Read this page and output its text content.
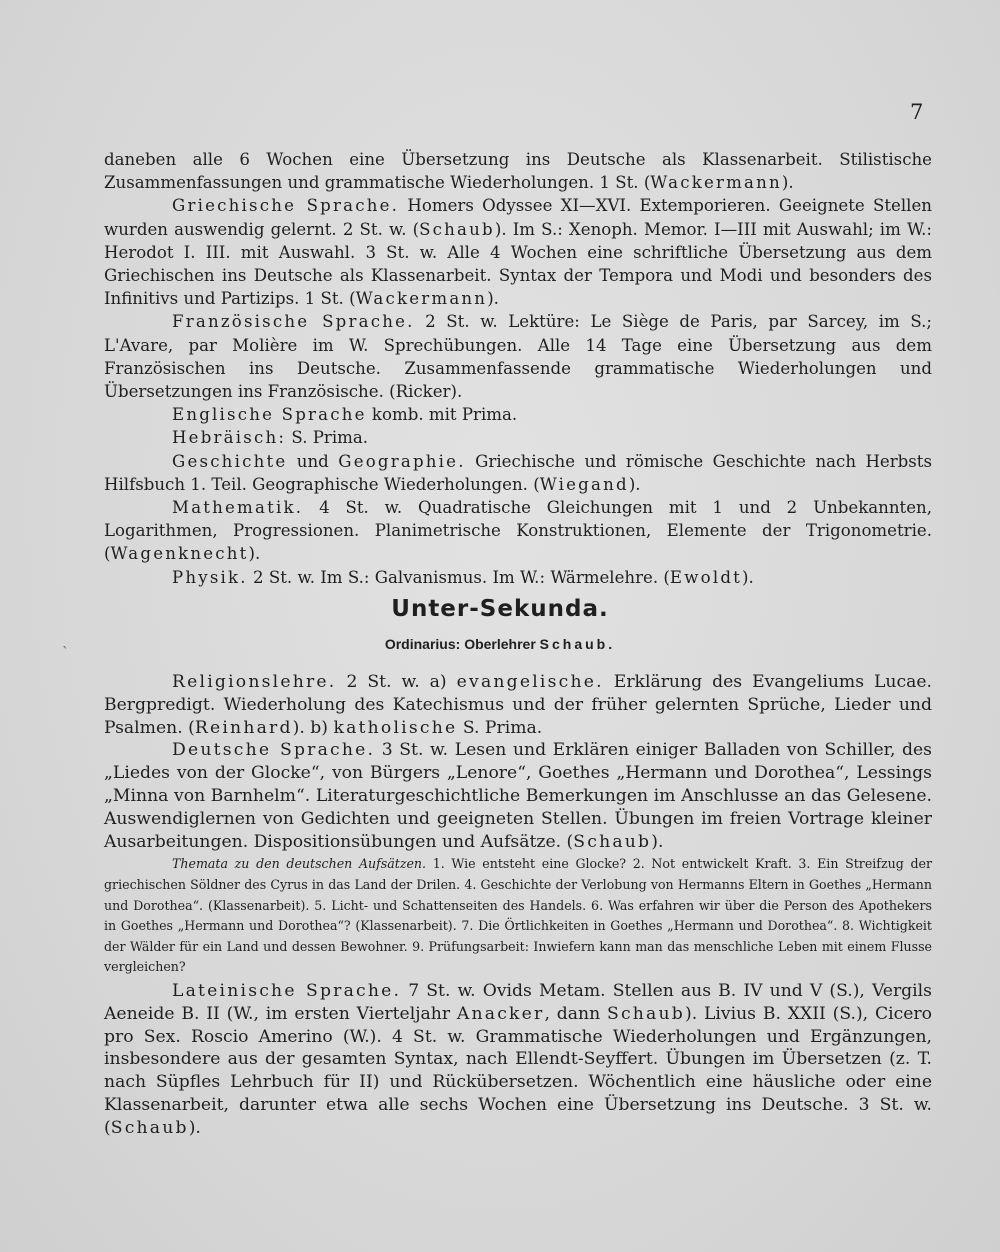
7

daneben alle 6 Wochen eine Übersetzung ins Deutsche als Klassenarbeit. Stilistische Zusammenfassungen und grammatische Wiederholungen. 1 St. (Wackermann).

Griechische Sprache. Homers Odyssee XI—XVI. Extemporieren. Geeignete Stellen wurden auswendig gelernt. 2 St. w. (Schaub). Im S.: Xenoph. Memor. I—III mit Auswahl; im W.: Herodot I. III. mit Auswahl. 3 St. w. Alle 4 Wochen eine schriftliche Übersetzung aus dem Griechischen ins Deutsche als Klassenarbeit. Syntax der Tempora und Modi und besonders des Infinitivs und Partizips. 1 St. (Wackermann).

Französische Sprache. 2 St. w. Lektüre: Le Siège de Paris, par Sarcey, im S.; L'Avare, par Molière im W. Sprechübungen. Alle 14 Tage eine Übersetzung aus dem Französischen ins Deutsche. Zusammenfassende grammatische Wiederholungen und Übersetzungen ins Französische. (Ricker).

Englische Sprache komb. mit Prima.

Hebräisch: S. Prima.

Geschichte und Geographie. Griechische und römische Geschichte nach Herbsts Hilfsbuch 1. Teil. Geographische Wiederholungen. (Wiegand).

Mathematik. 4 St. w. Quadratische Gleichungen mit 1 und 2 Unbekannten, Logarithmen, Progressionen. Planimetrische Konstruktionen, Elemente der Trigonometrie. (Wagenknecht).

Physik. 2 St. w. Im S.: Galvanismus. Im W.: Wärmelehre. (Ewoldt).

Unter-Sekunda.
ˋ
Ordinarius: Oberlehrer Schaub.

Religionslehre. 2 St. w. a) evangelische. Erklärung des Evangeliums Lucae. Bergpredigt. Wiederholung des Katechismus und der früher gelernten Sprüche, Lieder und Psalmen. (Reinhard). b) katholische S. Prima.

Deutsche Sprache. 3 St. w. Lesen und Erklären einiger Balladen von Schiller, des „Liedes von der Glocke“, von Bürgers „Lenore“, Goethes „Hermann und Dorothea“, Lessings „Minna von Barnhelm“. Literaturgeschichtliche Bemerkungen im Anschlusse an das Gelesene. Auswendiglernen von Gedichten und geeigneten Stellen. Übungen im freien Vortrage kleiner Ausarbeitungen. Dispositionsübungen und Aufsätze. (Schaub).

Themata zu den deutschen Aufsätzen. 1. Wie entsteht eine Glocke? 2. Not entwickelt Kraft. 3. Ein Streifzug der griechischen Söldner des Cyrus in das Land der Drilen. 4. Geschichte der Verlobung von Hermanns Eltern in Goethes „Hermann und Dorothea“. (Klassenarbeit). 5. Licht- und Schattenseiten des Handels. 6. Was erfahren wir über die Person des Apothekers in Goethes „Hermann und Dorothea“? (Klassenarbeit). 7. Die Örtlichkeiten in Goethes „Hermann und Dorothea“. 8. Wichtigkeit der Wälder für ein Land und dessen Bewohner. 9. Prüfungsarbeit: Inwiefern kann man das menschliche Leben mit einem Flusse vergleichen?

Lateinische Sprache. 7 St. w. Ovids Metam. Stellen aus B. IV und V (S.), Vergils Aeneide B. II (W., im ersten Vierteljahr Anacker, dann Schaub). Livius B. XXII (S.), Cicero pro Sex. Roscio Amerino (W.). 4 St. w. Grammatische Wiederholungen und Ergänzungen, insbesondere aus der gesamten Syntax, nach Ellendt-Seyffert. Übungen im Übersetzen (z. T. nach Süpfles Lehrbuch für II) und Rückübersetzen. Wöchentlich eine häusliche oder eine Klassenarbeit, darunter etwa alle sechs Wochen eine Übersetzung ins Deutsche. 3 St. w. (Schaub).
